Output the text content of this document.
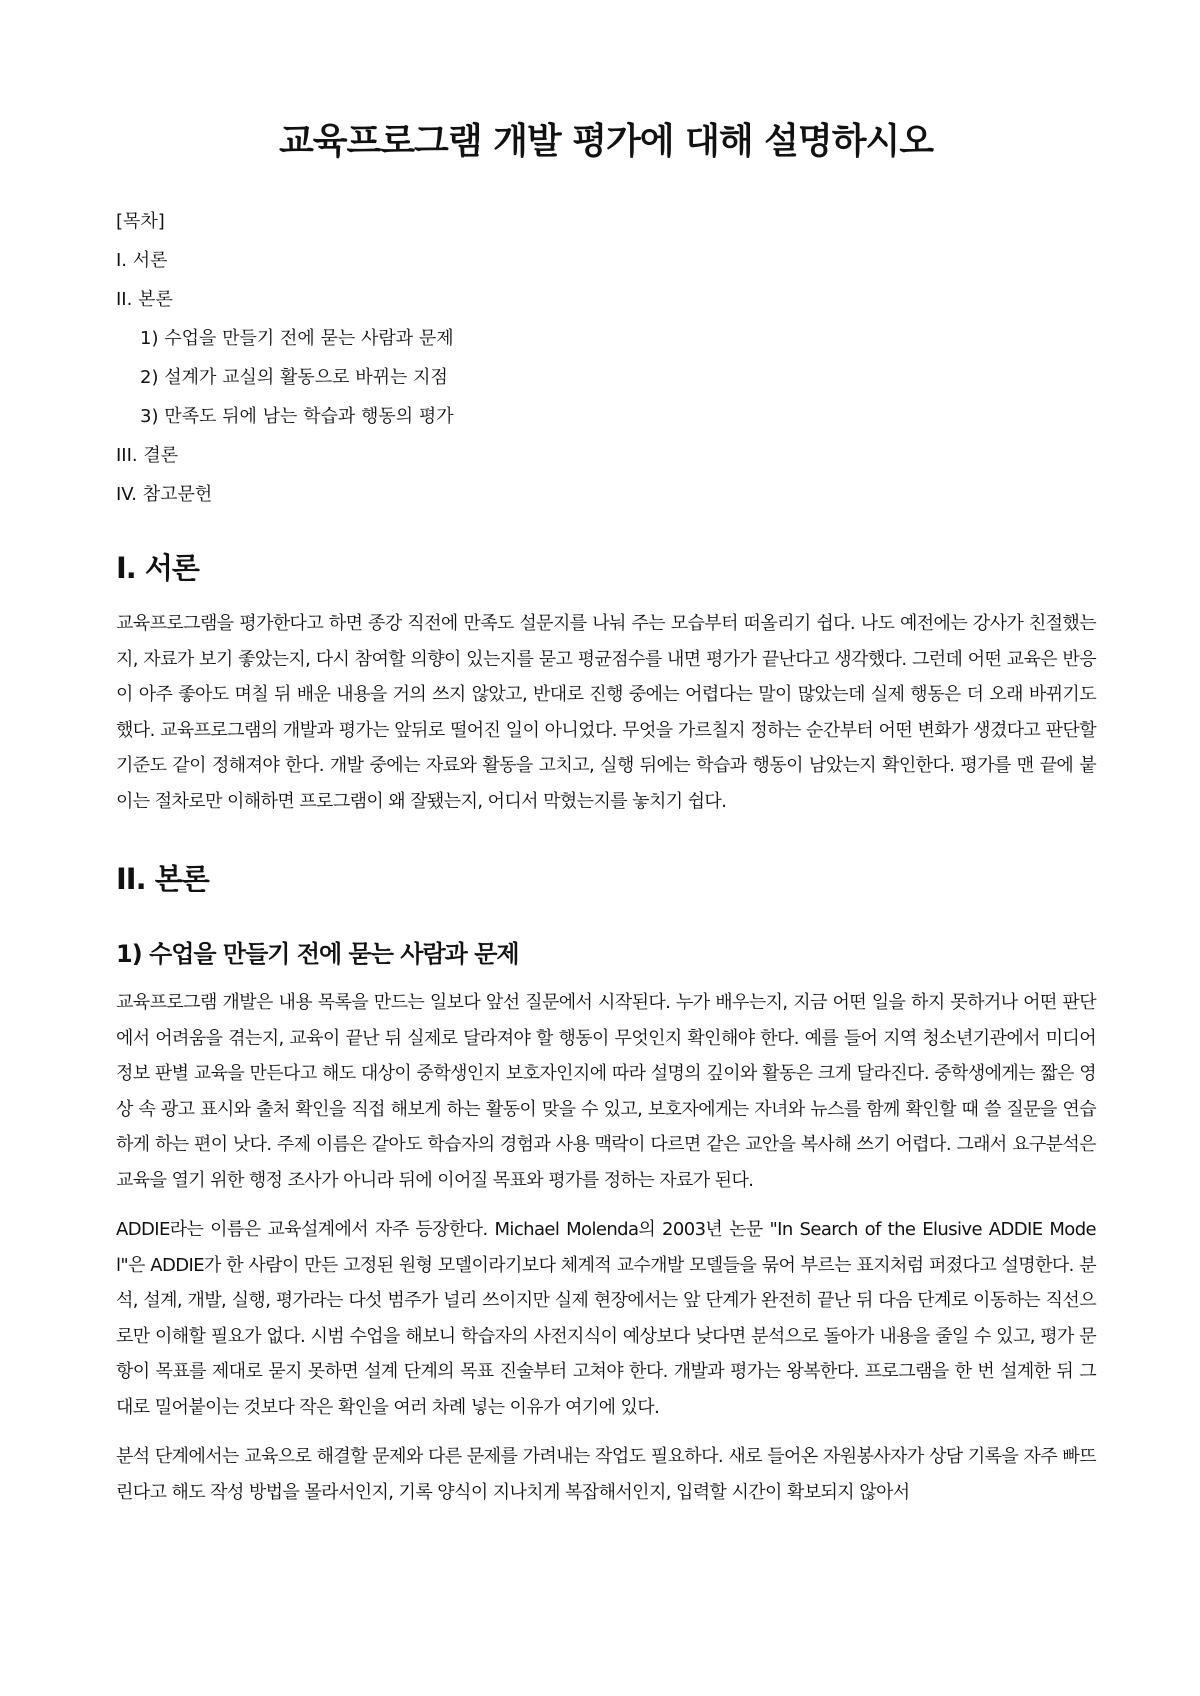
교육프로그램 개발 평가에 대해 설명하시오
[목차]
I. 서론
II. 본론
1) 수업을 만들기 전에 묻는 사람과 문제
2) 설계가 교실의 활동으로 바뀌는 지점
3) 만족도 뒤에 남는 학습과 행동의 평가
III. 결론
IV. 참고문헌
I. 서론

교육프로그램을 평가한다고 하면 종강 직전에 만족도 설문지를 나눠 주는 모습부터 떠올리기 쉽다. 나도 예전에는 강사가 친절했는지, 자료가 보기 좋았는지, 다시 참여할 의향이 있는지를 묻고 평균점수를 내면 평가가 끝난다고 생각했다. 그런데 어떤 교육은 반응이 아주 좋아도 며칠 뒤 배운 내용을 거의 쓰지 않았고, 반대로 진행 중에는 어렵다는 말이 많았는데 실제 행동은 더 오래 바뀌기도 했다. 교육프로그램의 개발과 평가는 앞뒤로 떨어진 일이 아니었다. 무엇을 가르칠지 정하는 순간부터 어떤 변화가 생겼다고 판단할 기준도 같이 정해져야 한다. 개발 중에는 자료와 활동을 고치고, 실행 뒤에는 학습과 행동이 남았는지 확인한다. 평가를 맨 끝에 붙이는 절차로만 이해하면 프로그램이 왜 잘됐는지, 어디서 막혔는지를 놓치기 쉽다.

II. 본론
1) 수업을 만들기 전에 묻는 사람과 문제

교육프로그램 개발은 내용 목록을 만드는 일보다 앞선 질문에서 시작된다. 누가 배우는지, 지금 어떤 일을 하지 못하거나 어떤 판단에서 어려움을 겪는지, 교육이 끝난 뒤 실제로 달라져야 할 행동이 무엇인지 확인해야 한다. 예를 들어 지역 청소년기관에서 미디어 정보 판별 교육을 만든다고 해도 대상이 중학생인지 보호자인지에 따라 설명의 깊이와 활동은 크게 달라진다. 중학생에게는 짧은 영상 속 광고 표시와 출처 확인을 직접 해보게 하는 활동이 맞을 수 있고, 보호자에게는 자녀와 뉴스를 함께 확인할 때 쓸 질문을 연습하게 하는 편이 낫다. 주제 이름은 같아도 학습자의 경험과 사용 맥락이 다르면 같은 교안을 복사해 쓰기 어렵다. 그래서 요구분석은 교육을 열기 위한 행정 조사가 아니라 뒤에 이어질 목표와 평가를 정하는 자료가 된다.

ADDIE라는 이름은 교육설계에서 자주 등장한다. Michael Molenda의 2003년 논문 "In Search of the Elusive ADDIE Model"은 ADDIE가 한 사람이 만든 고정된 원형 모델이라기보다 체계적 교수개발 모델들을 묶어 부르는 표지처럼 퍼졌다고 설명한다. 분석, 설계, 개발, 실행, 평가라는 다섯 범주가 널리 쓰이지만 실제 현장에서는 앞 단계가 완전히 끝난 뒤 다음 단계로 이동하는 직선으로만 이해할 필요가 없다. 시범 수업을 해보니 학습자의 사전지식이 예상보다 낮다면 분석으로 돌아가 내용을 줄일 수 있고, 평가 문항이 목표를 제대로 묻지 못하면 설계 단계의 목표 진술부터 고쳐야 한다. 개발과 평가는 왕복한다. 프로그램을 한 번 설계한 뒤 그대로 밀어붙이는 것보다 작은 확인을 여러 차례 넣는 이유가 여기에 있다.

분석 단계에서는 교육으로 해결할 문제와 다른 문제를 가려내는 작업도 필요하다. 새로 들어온 자원봉사자가 상담 기록을 자주 빠뜨린다고 해도 작성 방법을 몰라서인지, 기록 양식이 지나치게 복잡해서인지, 입력할 시간이 확보되지 않아서
